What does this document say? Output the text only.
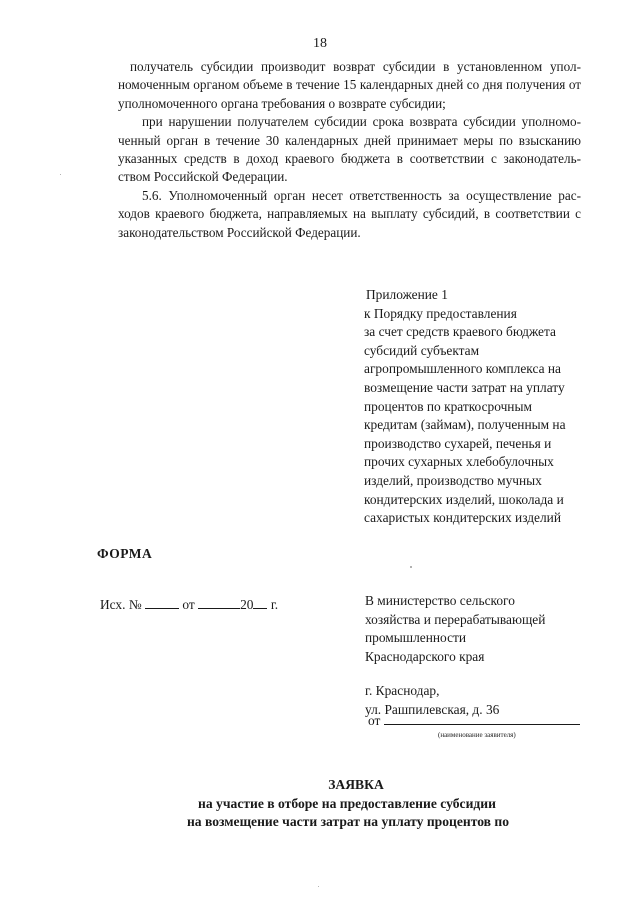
18

получатель субсидии производит возврат субсидии в установленном упол-номоченным органом объеме в течение 15 календарных дней со дня получения от уполномоченного органа требования о возврате субсидии;

при нарушении получателем субсидии срока возврата субсидии уполномо-ченный орган в течение 30 календарных дней принимает меры по взысканию указанных средств в доход краевого бюджета в соответствии с законодатель-ством Российской Федерации.

5.6. Уполномоченный орган несет ответственность за осуществление рас-ходов краевого бюджета, направляемых на выплату субсидий, в соответствии с законодательством Российской Федерации.

Приложение 1
к Порядку предоставления
за счет средств краевого бюджета
субсидий субъектам
агропромышленного комплекса на
возмещение части затрат на уплату
процентов по краткосрочным
кредитам (займам), полученным на
производство сухарей, печенья и
прочих сухарных хлебобулочных
изделий, производство мучных
кондитерских изделий, шоколада и
сахаристых кондитерских изделий
ФОРМА
Исх. №	от	20 г.	В министерство сельского
хозяйства и перерабатывающей
промышленности
Краснодарского края
г. Краснодар,
ул. Рашпилевская, д. 36
от
(наименование заявителя)
ЗАЯВКА
на участие в отборе на предоставление субсидии
на возмещение части затрат на уплату процентов по
